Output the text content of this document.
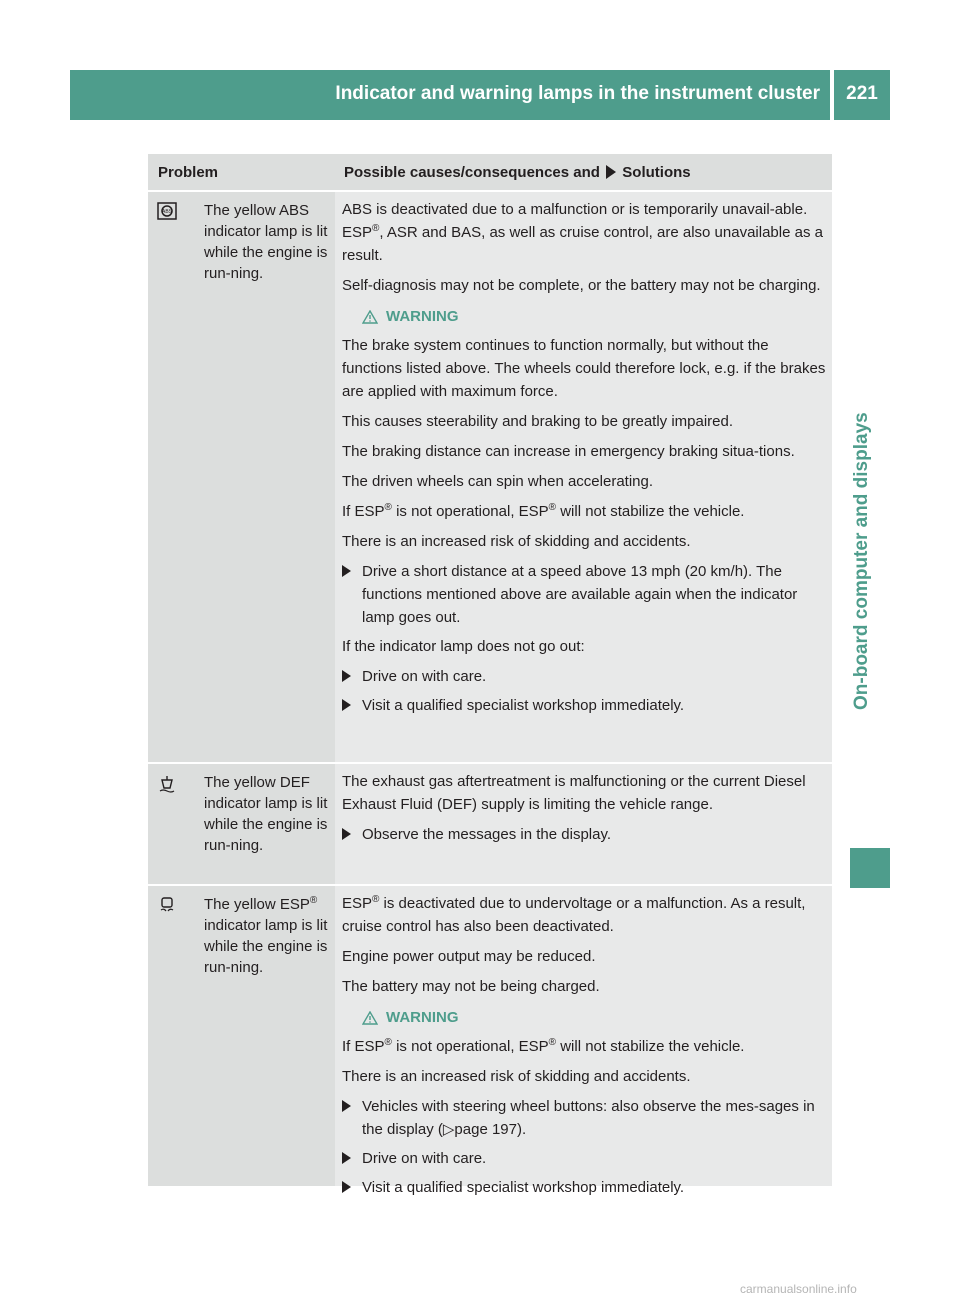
Indicator and warning lamps in the instrument cluster	221
On-board computer and displays
Problem	Possible causes/consequences and Solutions
ABS The yellow ABS indicator lamp is lit while the engine is run-ning.

ABS is deactivated due to a malfunction or is temporarily unavail-able. ESP®, ASR and BAS, as well as cruise control, are also unavailable as a result.

Self-diagnosis may not be complete, or the battery may not be charging.

WARNING

The brake system continues to function normally, but without the functions listed above. The wheels could therefore lock, e.g. if the brakes are applied with maximum force.

This causes steerability and braking to be greatly impaired.

The braking distance can increase in emergency braking situa-tions.

The driven wheels can spin when accelerating.

If ESP® is not operational, ESP® will not stabilize the vehicle.

There is an increased risk of skidding and accidents.

Drive a short distance at a speed above 13 mph (20 km/h). The functions mentioned above are available again when the indicator lamp goes out.

If the indicator lamp does not go out:

Drive on with care.
Visit a qualified specialist workshop immediately.
The yellow DEF indicator lamp is lit while the engine is run-ning.

The exhaust gas aftertreatment is malfunctioning or the current Diesel Exhaust Fluid (DEF) supply is limiting the vehicle range.

Observe the messages in the display.
The yellow ESP® indicator lamp is lit while the engine is run-ning.

ESP® is deactivated due to undervoltage or a malfunction. As a result, cruise control has also been deactivated.

Engine power output may be reduced.

The battery may not be being charged.

WARNING

If ESP® is not operational, ESP® will not stabilize the vehicle.

There is an increased risk of skidding and accidents.

Vehicles with steering wheel buttons: also observe the mes-sages in the display (▷page 197).
Drive on with care.
Visit a qualified specialist workshop immediately.
carmanualsonline.info
